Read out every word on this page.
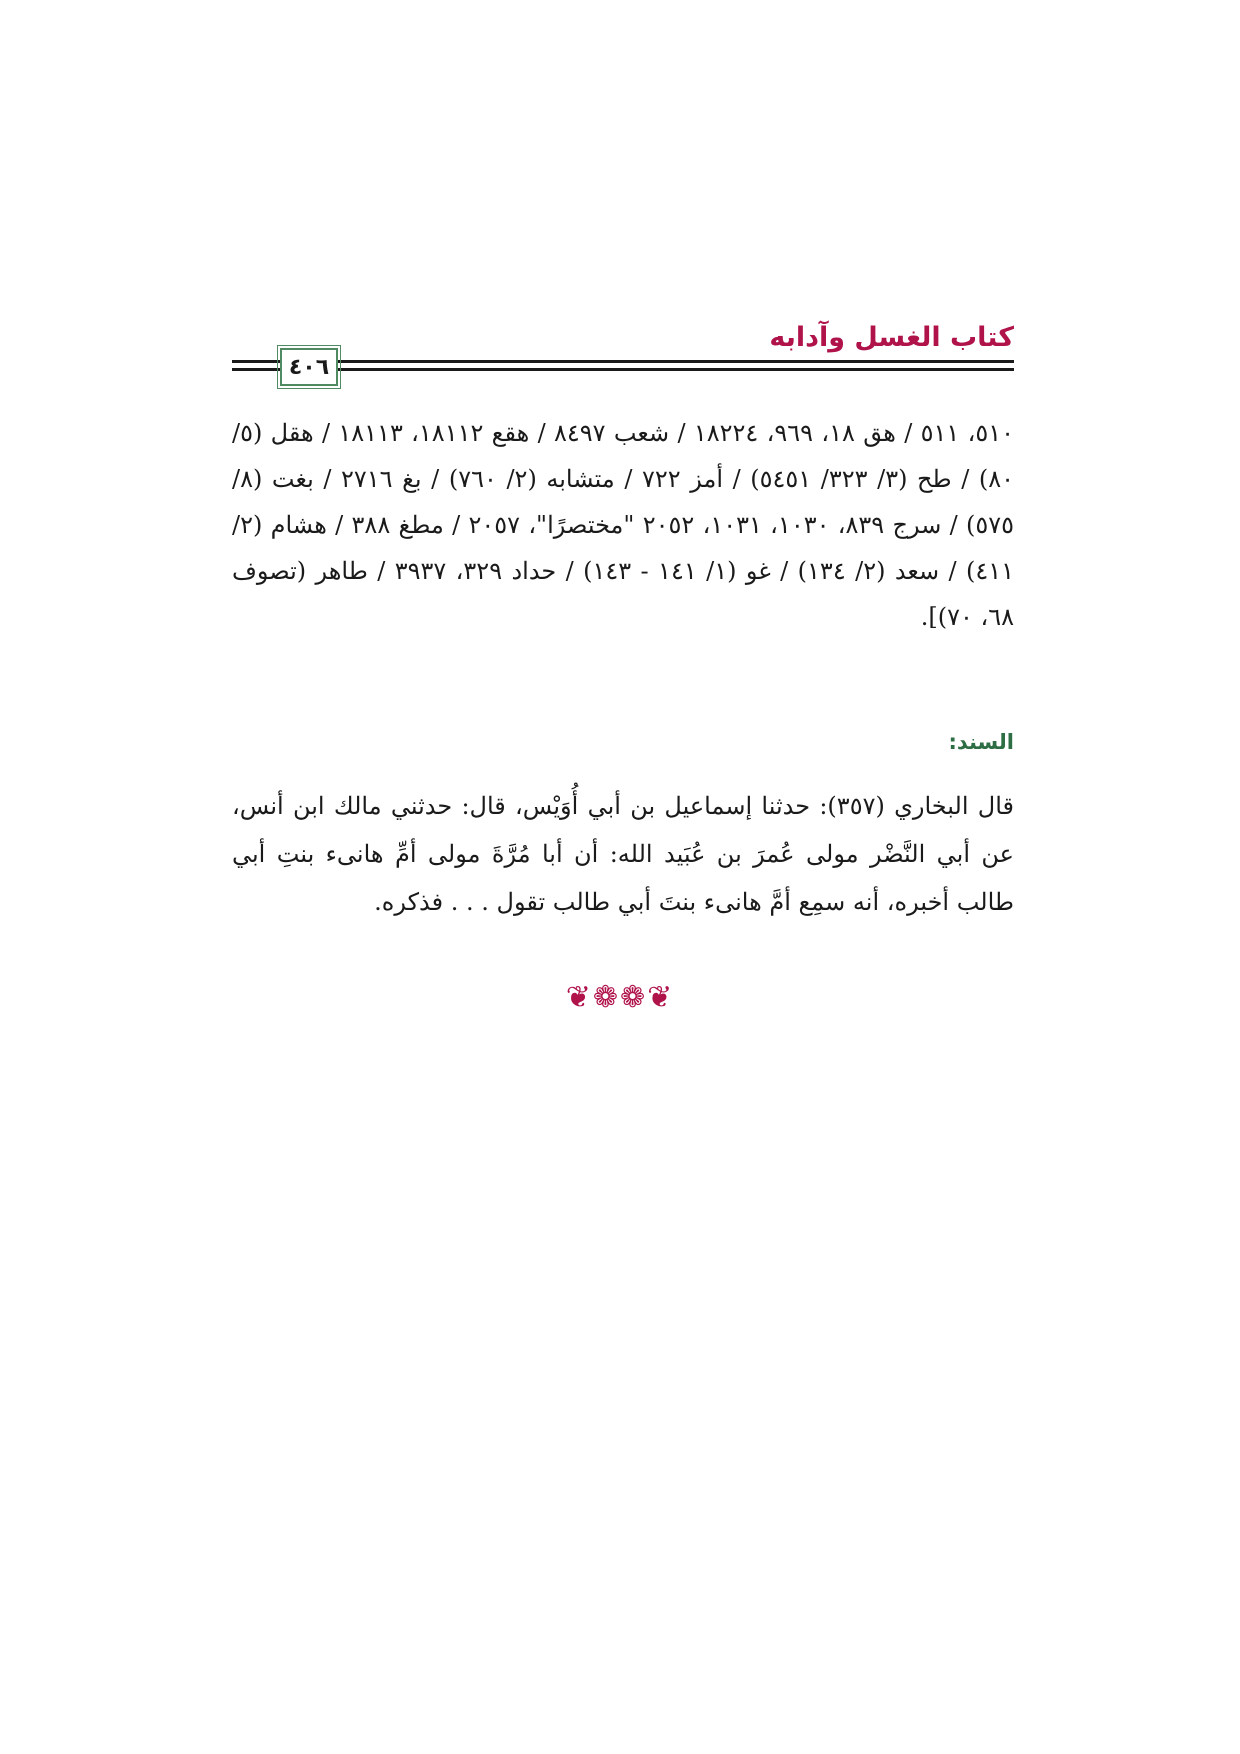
كتاب الغسل وآدابه
٤٠٦
٥١٠، ٥١١ / هق ١٨، ٩٦٩، ١٨٢٢٤ / شعب ٨٤٩٧ / هقع ١٨١١٢، ١٨١١٣ / هقل (٥/ ٨٠) / طح (٣/ ٣٢٣/ ٥٤٥١) / أمز ٧٢٢ / متشابه (٢/ ٧٦٠) / بغ ٢٧١٦ / بغت (٨/ ٥٧٥) / سرج ٨٣٩، ١٠٣٠، ١٠٣١، ٢٠٥٢ "مختصرًا"، ٢٠٥٧ / مطغ ٣٨٨ / هشام (٢/ ٤١١) / سعد (٢/ ١٣٤) / غو (١/ ١٤١ - ١٤٣) / حداد ٣٢٩، ٣٩٣٧ / طاهر (تصوف ٦٨، ٧٠)].
السند:
قال البخاري (٣٥٧): حدثنا إسماعيل بن أبي أُوَيْس، قال: حدثني مالك ابن أنس، عن أبي النَّضْر مولى عُمرَ بن عُبَيد الله: أن أبا مُرَّةَ مولى أمِّ هانىء بنتِ أبي طالب أخبره، أنه سمِع أمَّ هانىء بنتَ أبي طالب تقول . . . فذكره.
❦❁❁❦
